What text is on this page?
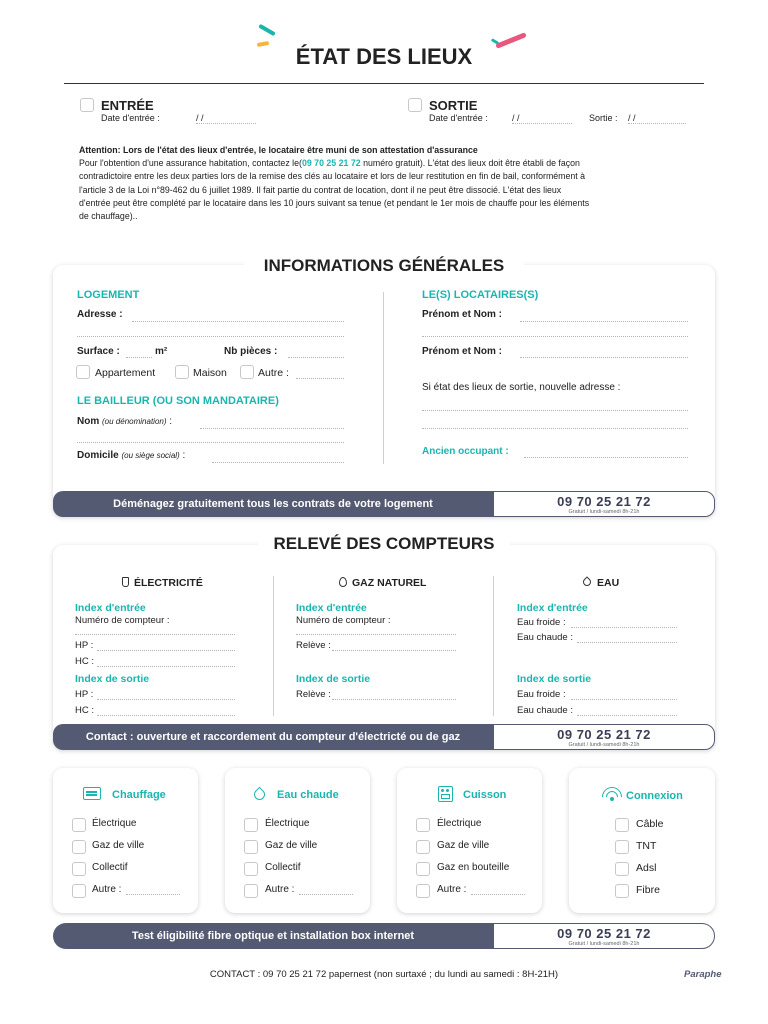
ÉTAT DES LIEUX
ENTRÉE
Date d'entrée :	/ /
SORTIE
Date d'entrée :	/ /	Sortie : / /
Attention: Lors de l'état des lieux d'entrée, le locataire être muni de son attestation d'assurance
Pour l'obtention d'une assurance habitation, contactez le(09 70 25 21 72 numéro gratuit). L'état des lieux doit être établi de façon
contradictoire entre les deux parties lors de la remise des clés au locataire et lors de leur restitution en fin de bail, conformément à
l'article 3 de la Loi n°89-462 du 6 juillet 1989. Il fait partie du contrat de location, dont il ne peut être dissocié. L'état des lieux
d'entrée peut être complété par le locataire dans les 10 jours suivant sa tenue (et pendant le 1er mois de chauffe pour les éléments
de chauffage)..
INFORMATIONS GÉNÉRALES
LOGEMENT
Adresse :
Surface :	m²	Nb pièces :
Appartement	Maison	Autre :
LE BAILLEUR (OU SON MANDATAIRE)
Nom (ou dénomination) :
Domicile (ou siège social) :
LE(S) LOCATAIRES(S)
Prénom et Nom :
Prénom et Nom :
Si état des lieux de sortie, nouvelle adresse :
Ancien occupant :
Déménagez gratuitement tous les contrats de votre logement	09 70 25 21 72
Gratuit / lundi-samedi 8h-21h
RELEVÉ DES COMPTEURS
ÉLECTRICITÉ
Index d'entrée
Numéro de compteur :
HP :
HC :
Index de sortie
HP :
HC :
GAZ NATUREL
Index d'entrée
Numéro de compteur :
Relève :
Index de sortie
Relève :
EAU
Index d'entrée
Eau froide :
Eau chaude :
Index de sortie
Eau froide :
Eau chaude :
Contact : ouverture et raccordement du compteur d'électricté ou de gaz	09 70 25 21 72
Gratuit / lundi-samedi 8h-21h
Chauffage
Électrique
Gaz de ville
Collectif
Autre :
Eau chaude
Électrique
Gaz de ville
Collectif
Autre :
Cuisson
Électrique
Gaz de ville
Gaz en bouteille
Autre :
Connexion
Câble
TNT
Adsl
Fibre
Test éligibilité fibre optique et installation box internet	09 70 25 21 72
Gratuit / lundi-samedi 8h-21h
CONTACT : 09 70 25 21 72 papernest (non surtaxé ; du lundi au samedi : 8H-21H)	Paraphe
